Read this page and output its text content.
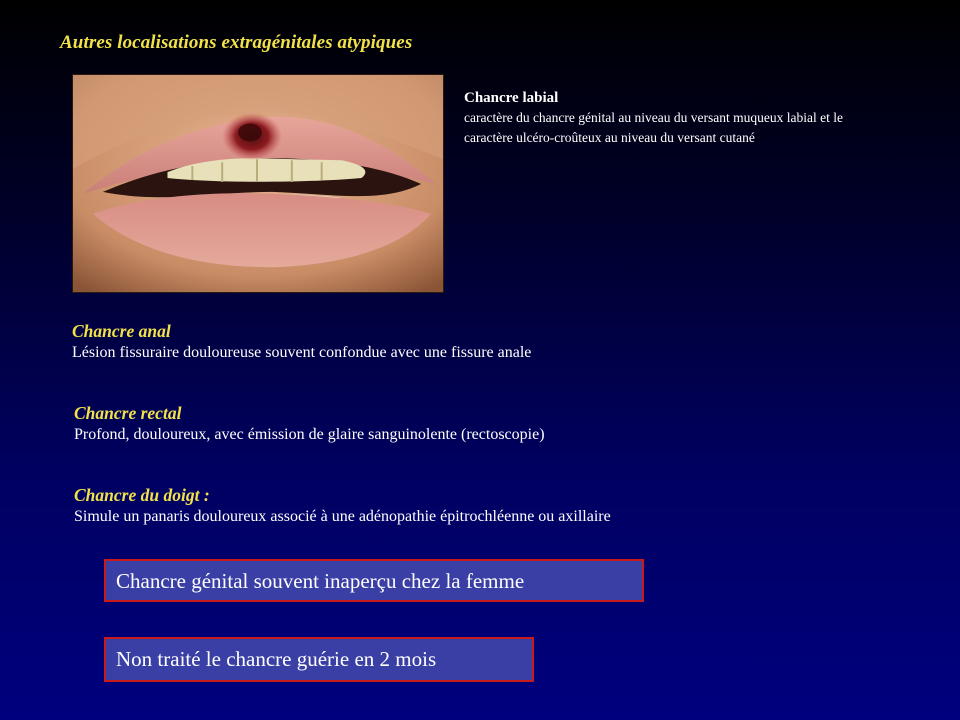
Autres localisations extragénitales atypiques
Chancre labial
caractère du chancre génital au niveau du versant muqueux labial et le caractère ulcéro-croûteux au niveau du versant cutané
Chancre anal
Lésion fissuraire douloureuse souvent confondue avec une fissure anale
Chancre rectal
Profond, douloureux, avec émission de glaire sanguinolente (rectoscopie)
Chancre du doigt :
Simule un panaris douloureux associé à une adénopathie épitrochléenne ou axillaire
Chancre génital souvent inaperçu chez la femme
Non traité le chancre guérie en 2 mois
